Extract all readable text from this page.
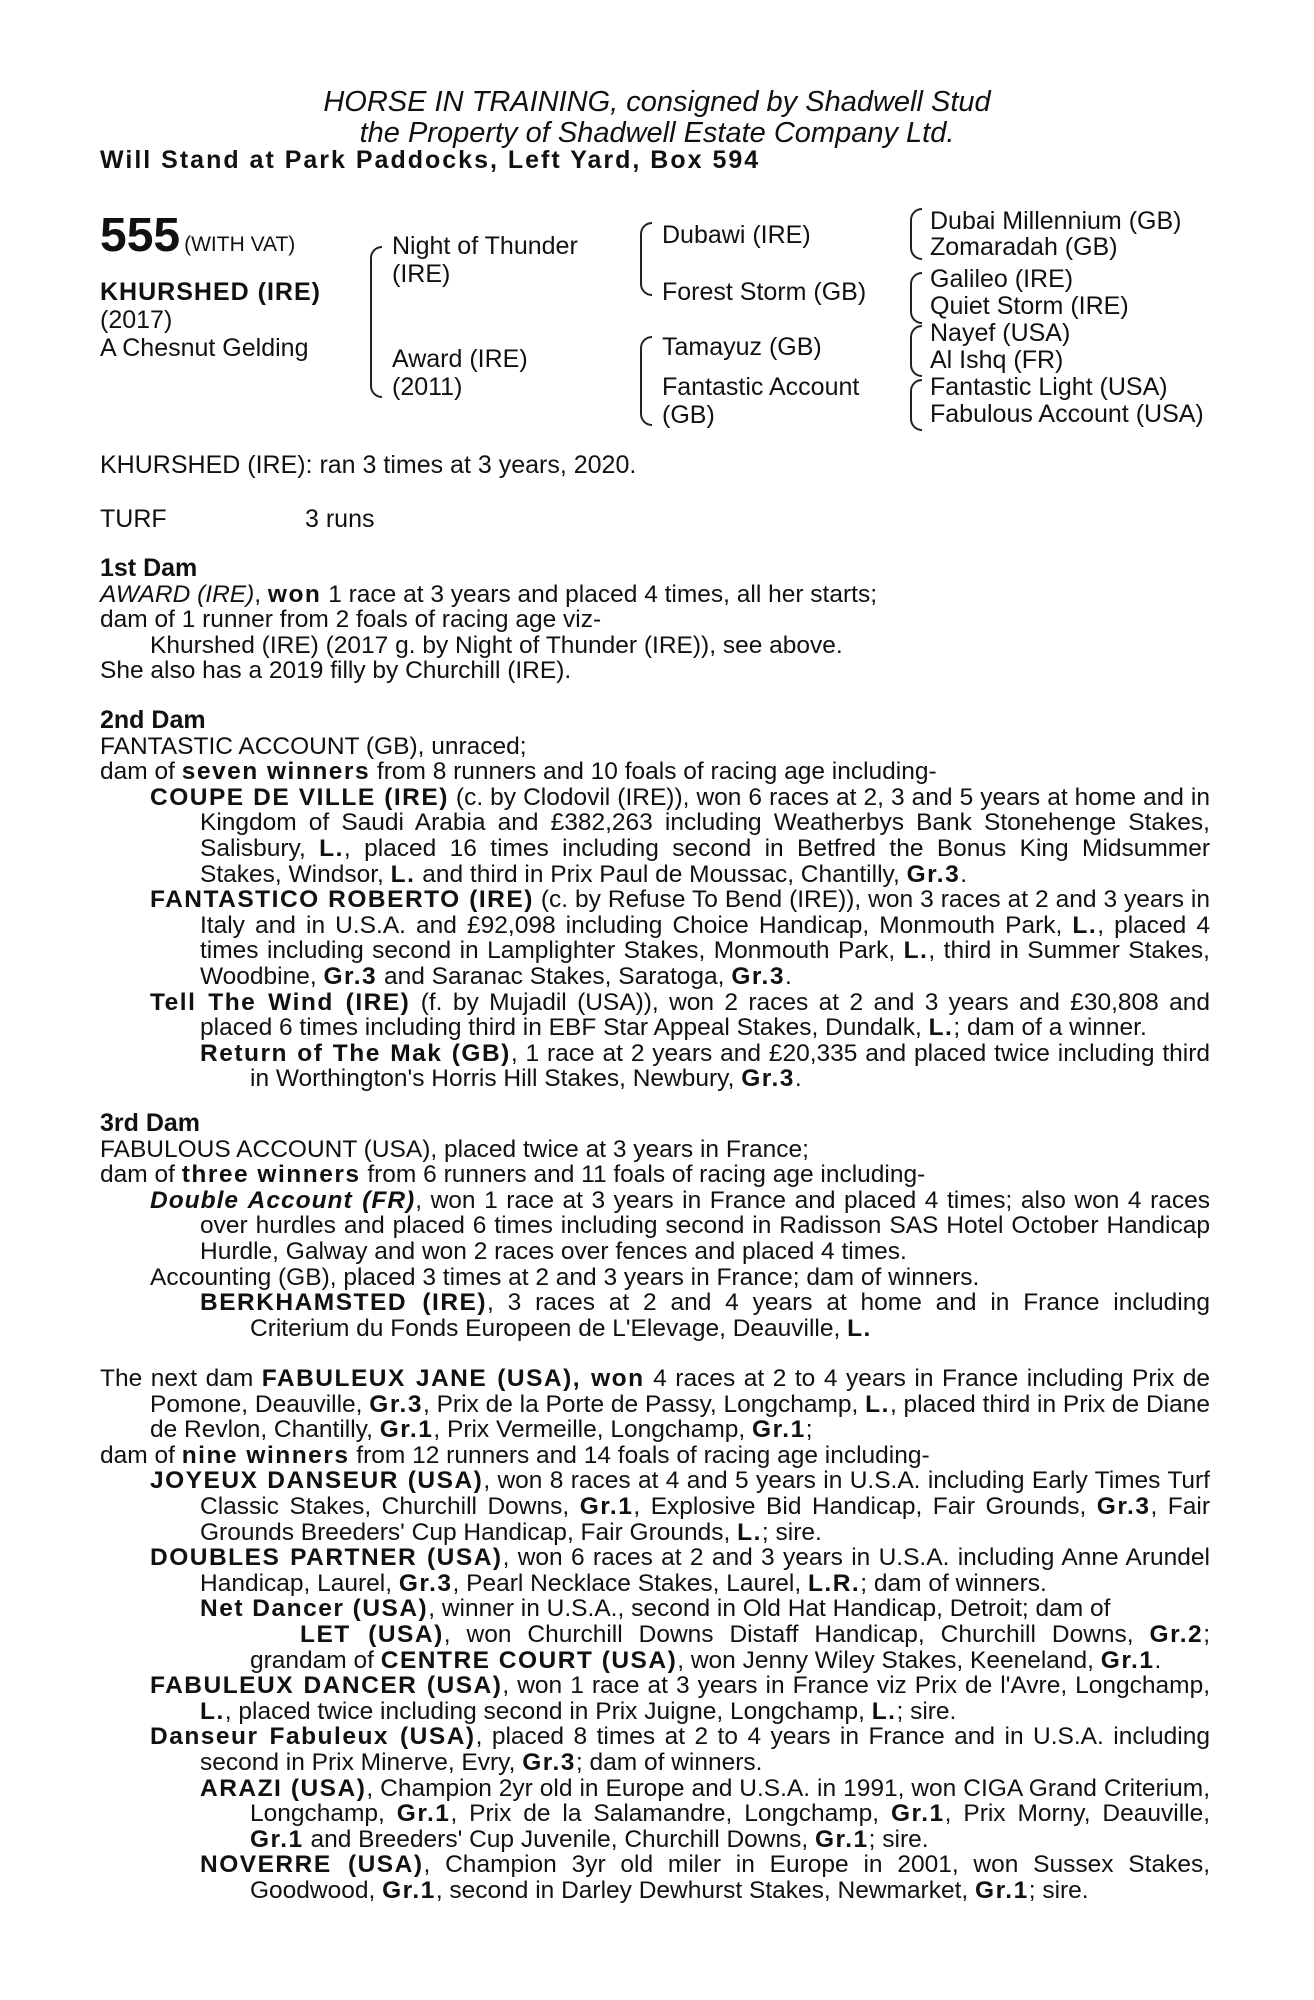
HORSE IN TRAINING, consigned by Shadwell Stud
the Property of Shadwell Estate Company Ltd.
Will Stand at Park Paddocks, Left Yard, Box 594
555 (WITH VAT)
KHURSHED (IRE)
(2017)
A Chesnut Gelding
Night of Thunder
(IRE)
Award (IRE)
(2011)
Dubawi (IRE)
Forest Storm (GB)
Tamayuz (GB)
Fantastic Account
(GB)
Dubai Millennium (GB)
Zomaradah (GB)
Galileo (IRE)
Quiet Storm (IRE)
Nayef (USA)
Al Ishq (FR)
Fantastic Light (USA)
Fabulous Account (USA)
KHURSHED (IRE): ran 3 times at 3 years, 2020.
TURF	3 runs

1st Dam

AWARD (IRE), won 1 race at 3 years and placed 4 times, all her starts;

dam of 1 runner from 2 foals of racing age viz-

Khurshed (IRE) (2017 g. by Night of Thunder (IRE)), see above.

She also has a 2019 filly by Churchill (IRE).

2nd Dam

FANTASTIC ACCOUNT (GB), unraced;

dam of seven winners from 8 runners and 10 foals of racing age including-

COUPE DE VILLE (IRE) (c. by Clodovil (IRE)), won 6 races at 2, 3 and 5 years at home and in Kingdom of Saudi Arabia and £382,263 including Weatherbys Bank Stonehenge Stakes, Salisbury, L., placed 16 times including second in Betfred the Bonus King Midsummer Stakes, Windsor, L. and third in Prix Paul de Moussac, Chantilly, Gr.3.

FANTASTICO ROBERTO (IRE) (c. by Refuse To Bend (IRE)), won 3 races at 2 and 3 years in Italy and in U.S.A. and £92,098 including Choice Handicap, Monmouth Park, L., placed 4 times including second in Lamplighter Stakes, Monmouth Park, L., third in Summer Stakes, Woodbine, Gr.3 and Saranac Stakes, Saratoga, Gr.3.

Tell The Wind (IRE) (f. by Mujadil (USA)), won 2 races at 2 and 3 years and £30,808 and placed 6 times including third in EBF Star Appeal Stakes, Dundalk, L.; dam of a winner.

Return of The Mak (GB), 1 race at 2 years and £20,335 and placed twice including third in Worthington's Horris Hill Stakes, Newbury, Gr.3.

3rd Dam

FABULOUS ACCOUNT (USA), placed twice at 3 years in France;

dam of three winners from 6 runners and 11 foals of racing age including-

Double Account (FR), won 1 race at 3 years in France and placed 4 times; also won 4 races over hurdles and placed 6 times including second in Radisson SAS Hotel October Handicap Hurdle, Galway and won 2 races over fences and placed 4 times.

Accounting (GB), placed 3 times at 2 and 3 years in France; dam of winners.

BERKHAMSTED (IRE), 3 races at 2 and 4 years at home and in France including Criterium du Fonds Europeen de L'Elevage, Deauville, L.

The next dam FABULEUX JANE (USA), won 4 races at 2 to 4 years in France including Prix de Pomone, Deauville, Gr.3, Prix de la Porte de Passy, Longchamp, L., placed third in Prix de Diane de Revlon, Chantilly, Gr.1, Prix Vermeille, Longchamp, Gr.1;

dam of nine winners from 12 runners and 14 foals of racing age including-

JOYEUX DANSEUR (USA), won 8 races at 4 and 5 years in U.S.A. including Early Times Turf Classic Stakes, Churchill Downs, Gr.1, Explosive Bid Handicap, Fair Grounds, Gr.3, Fair Grounds Breeders' Cup Handicap, Fair Grounds, L.; sire.

DOUBLES PARTNER (USA), won 6 races at 2 and 3 years in U.S.A. including Anne Arundel Handicap, Laurel, Gr.3, Pearl Necklace Stakes, Laurel, L.R.; dam of winners.

Net Dancer (USA), winner in U.S.A., second in Old Hat Handicap, Detroit; dam of

LET (USA), won Churchill Downs Distaff Handicap, Churchill Downs, Gr.2; grandam of CENTRE COURT (USA), won Jenny Wiley Stakes, Keeneland, Gr.1.

FABULEUX DANCER (USA), won 1 race at 3 years in France viz Prix de l'Avre, Longchamp, L., placed twice including second in Prix Juigne, Longchamp, L.; sire.

Danseur Fabuleux (USA), placed 8 times at 2 to 4 years in France and in U.S.A. including second in Prix Minerve, Evry, Gr.3; dam of winners.

ARAZI (USA), Champion 2yr old in Europe and U.S.A. in 1991, won CIGA Grand Criterium, Longchamp, Gr.1, Prix de la Salamandre, Longchamp, Gr.1, Prix Morny, Deauville, Gr.1 and Breeders' Cup Juvenile, Churchill Downs, Gr.1; sire.

NOVERRE (USA), Champion 3yr old miler in Europe in 2001, won Sussex Stakes, Goodwood, Gr.1, second in Darley Dewhurst Stakes, Newmarket, Gr.1; sire.
